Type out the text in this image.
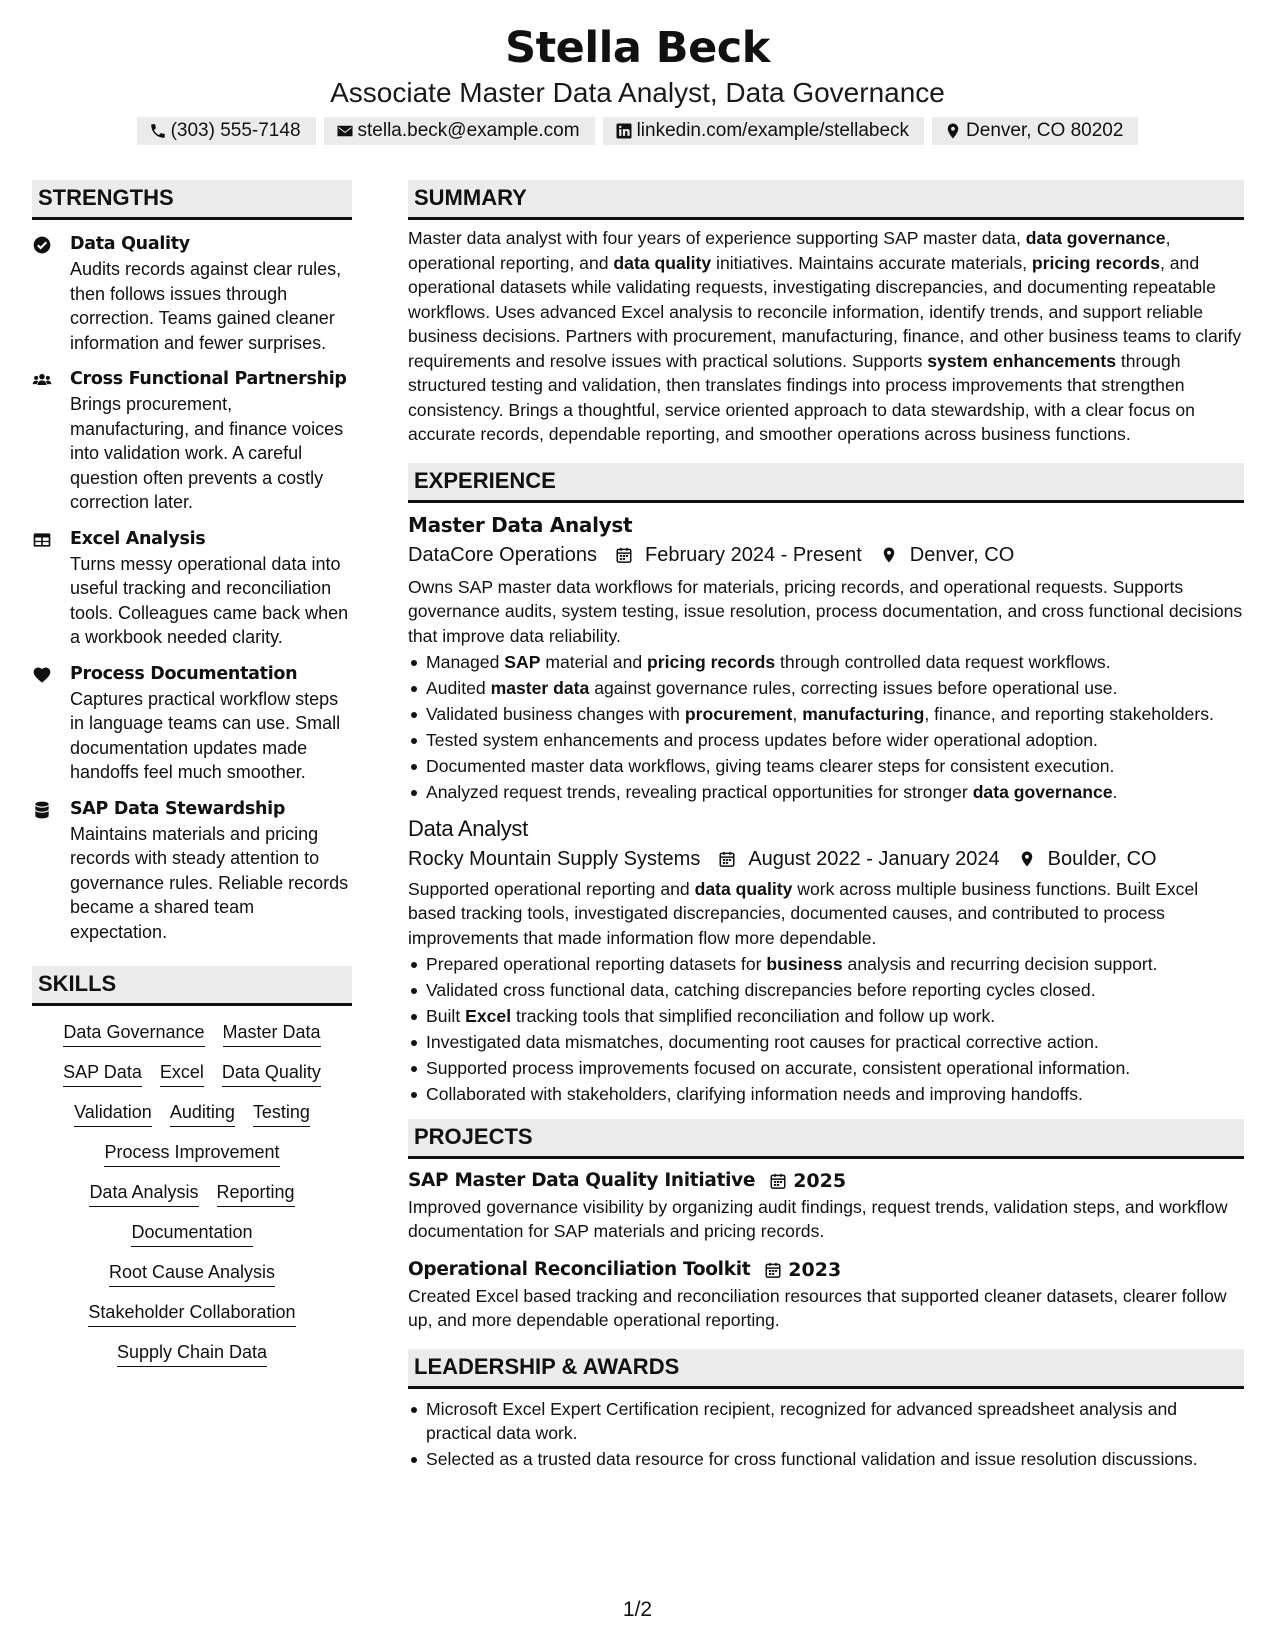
Stella Beck
Associate Master Data Analyst, Data Governance
(303) 555-7148	stella.beck@example.com	linkedin.com/example/stellabeck	Denver, CO 80202
STRENGTHS
Data Quality
Audits records against clear rules, then follows issues through correction. Teams gained cleaner information and fewer surprises.
Cross Functional Partnership
Brings procurement, manufacturing, and finance voices into validation work. A careful question often prevents a costly correction later.
Excel Analysis
Turns messy operational data into useful tracking and reconciliation tools. Colleagues came back when a workbook needed clarity.
Process Documentation
Captures practical workflow steps in language teams can use. Small documentation updates made handoffs feel much smoother.
SAP Data Stewardship
Maintains materials and pricing records with steady attention to governance rules. Reliable records became a shared team expectation.
SKILLS
Data Governance Master Data
SAP Data Excel Data Quality
Validation Auditing Testing
Process Improvement
Data Analysis Reporting
Documentation
Root Cause Analysis
Stakeholder Collaboration
Supply Chain Data
SUMMARY
Master data analyst with four years of experience supporting SAP master data, data governance, operational reporting, and data quality initiatives. Maintains accurate materials, pricing records, and operational datasets while validating requests, investigating discrepancies, and documenting repeatable workflows. Uses advanced Excel analysis to reconcile information, identify trends, and support reliable business decisions. Partners with procurement, manufacturing, finance, and other business teams to clarify requirements and resolve issues with practical solutions. Supports system enhancements through structured testing and validation, then translates findings into process improvements that strengthen consistency. Brings a thoughtful, service oriented approach to data stewardship, with a clear focus on accurate records, dependable reporting, and smoother operations across business functions.
EXPERIENCE
Master Data Analyst
DataCore Operations February 2024 - Present Denver, CO
Owns SAP master data workflows for materials, pricing records, and operational requests. Supports governance audits, system testing, issue resolution, process documentation, and cross functional decisions that improve data reliability.
Managed SAP material and pricing records through controlled data request workflows.
Audited master data against governance rules, correcting issues before operational use.
Validated business changes with procurement, manufacturing, finance, and reporting stakeholders.
Tested system enhancements and process updates before wider operational adoption.
Documented master data workflows, giving teams clearer steps for consistent execution.
Analyzed request trends, revealing practical opportunities for stronger data governance.
Data Analyst
Rocky Mountain Supply Systems August 2022 - January 2024 Boulder, CO
Supported operational reporting and data quality work across multiple business functions. Built Excel based tracking tools, investigated discrepancies, documented causes, and contributed to process improvements that made information flow more dependable.
Prepared operational reporting datasets for business analysis and recurring decision support.
Validated cross functional data, catching discrepancies before reporting cycles closed.
Built Excel tracking tools that simplified reconciliation and follow up work.
Investigated data mismatches, documenting root causes for practical corrective action.
Supported process improvements focused on accurate, consistent operational information.
Collaborated with stakeholders, clarifying information needs and improving handoffs.
PROJECTS
SAP Master Data Quality Initiative 2025
Improved governance visibility by organizing audit findings, request trends, validation steps, and workflow documentation for SAP materials and pricing records.
Operational Reconciliation Toolkit 2023
Created Excel based tracking and reconciliation resources that supported cleaner datasets, clearer follow up, and more dependable operational reporting.
LEADERSHIP & AWARDS
Microsoft Excel Expert Certification recipient, recognized for advanced spreadsheet analysis and practical data work.
Selected as a trusted data resource for cross functional validation and issue resolution discussions.
1/2
